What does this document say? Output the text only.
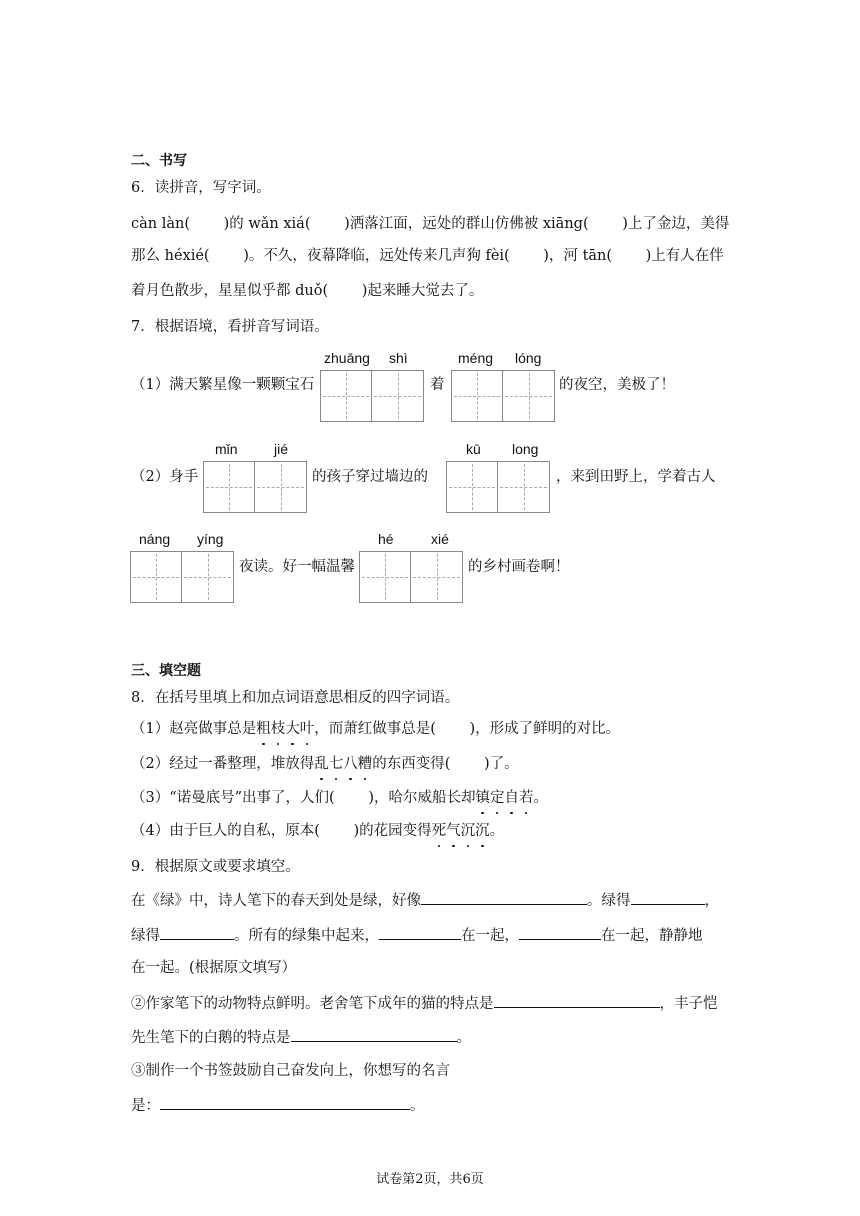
二、书写
6．读拼音，写字词。
càn làn(　　 )的 wǎn xiá(　　 )洒落江面，远处的群山仿佛被 xiāng(　　 )上了金边，美得
那么 héxié(　　 )。不久，夜幕降临，远处传来几声狗 fèi(　　 )，河 tān(　　 )上有人在伴
着月色散步，星星似乎都 duǒ(　　 )起来睡大觉去了。
7．根据语境，看拼音写词语。
（1）满天繁星像一颗颗宝石
zhuāng shì
着
méng lóng
的夜空，美极了！
（2）身手
mǐn	jié
的孩子穿过墙边的
kū long
，来到田野上，学着古人
náng yíng
夜读。好一幅温馨
hé	xié
的乡村画卷啊！
三、填空题
8．在括号里填上和加点词语意思相反的四字词语。
（1）赵亮做事总是粗枝大叶，而萧红做事总是(　　 )，形成了鲜明的对比。
（2）经过一番整理，堆放得乱七八糟的东西变得(　　 )了。
（3）“诺曼底号”出事了，人们(　　 )，哈尔威船长却镇定自若。
（4）由于巨人的自私，原本(　　 )的花园变得死气沉沉。
9．根据原文或要求填空。
在《绿》中，诗人笔下的春天到处是绿，好像	。绿得	，
绿得	。所有的绿集中起来，	在一起，	在一起，静静地
在一起。(根据原文填写）
②作家笔下的动物特点鲜明。老舍笔下成年的猫的特点是	，丰子恺
先生笔下的白鹅的特点是	。
③制作一个书签鼓励自己奋发向上，你想写的名言
是：	。
试卷第2页，共6页
